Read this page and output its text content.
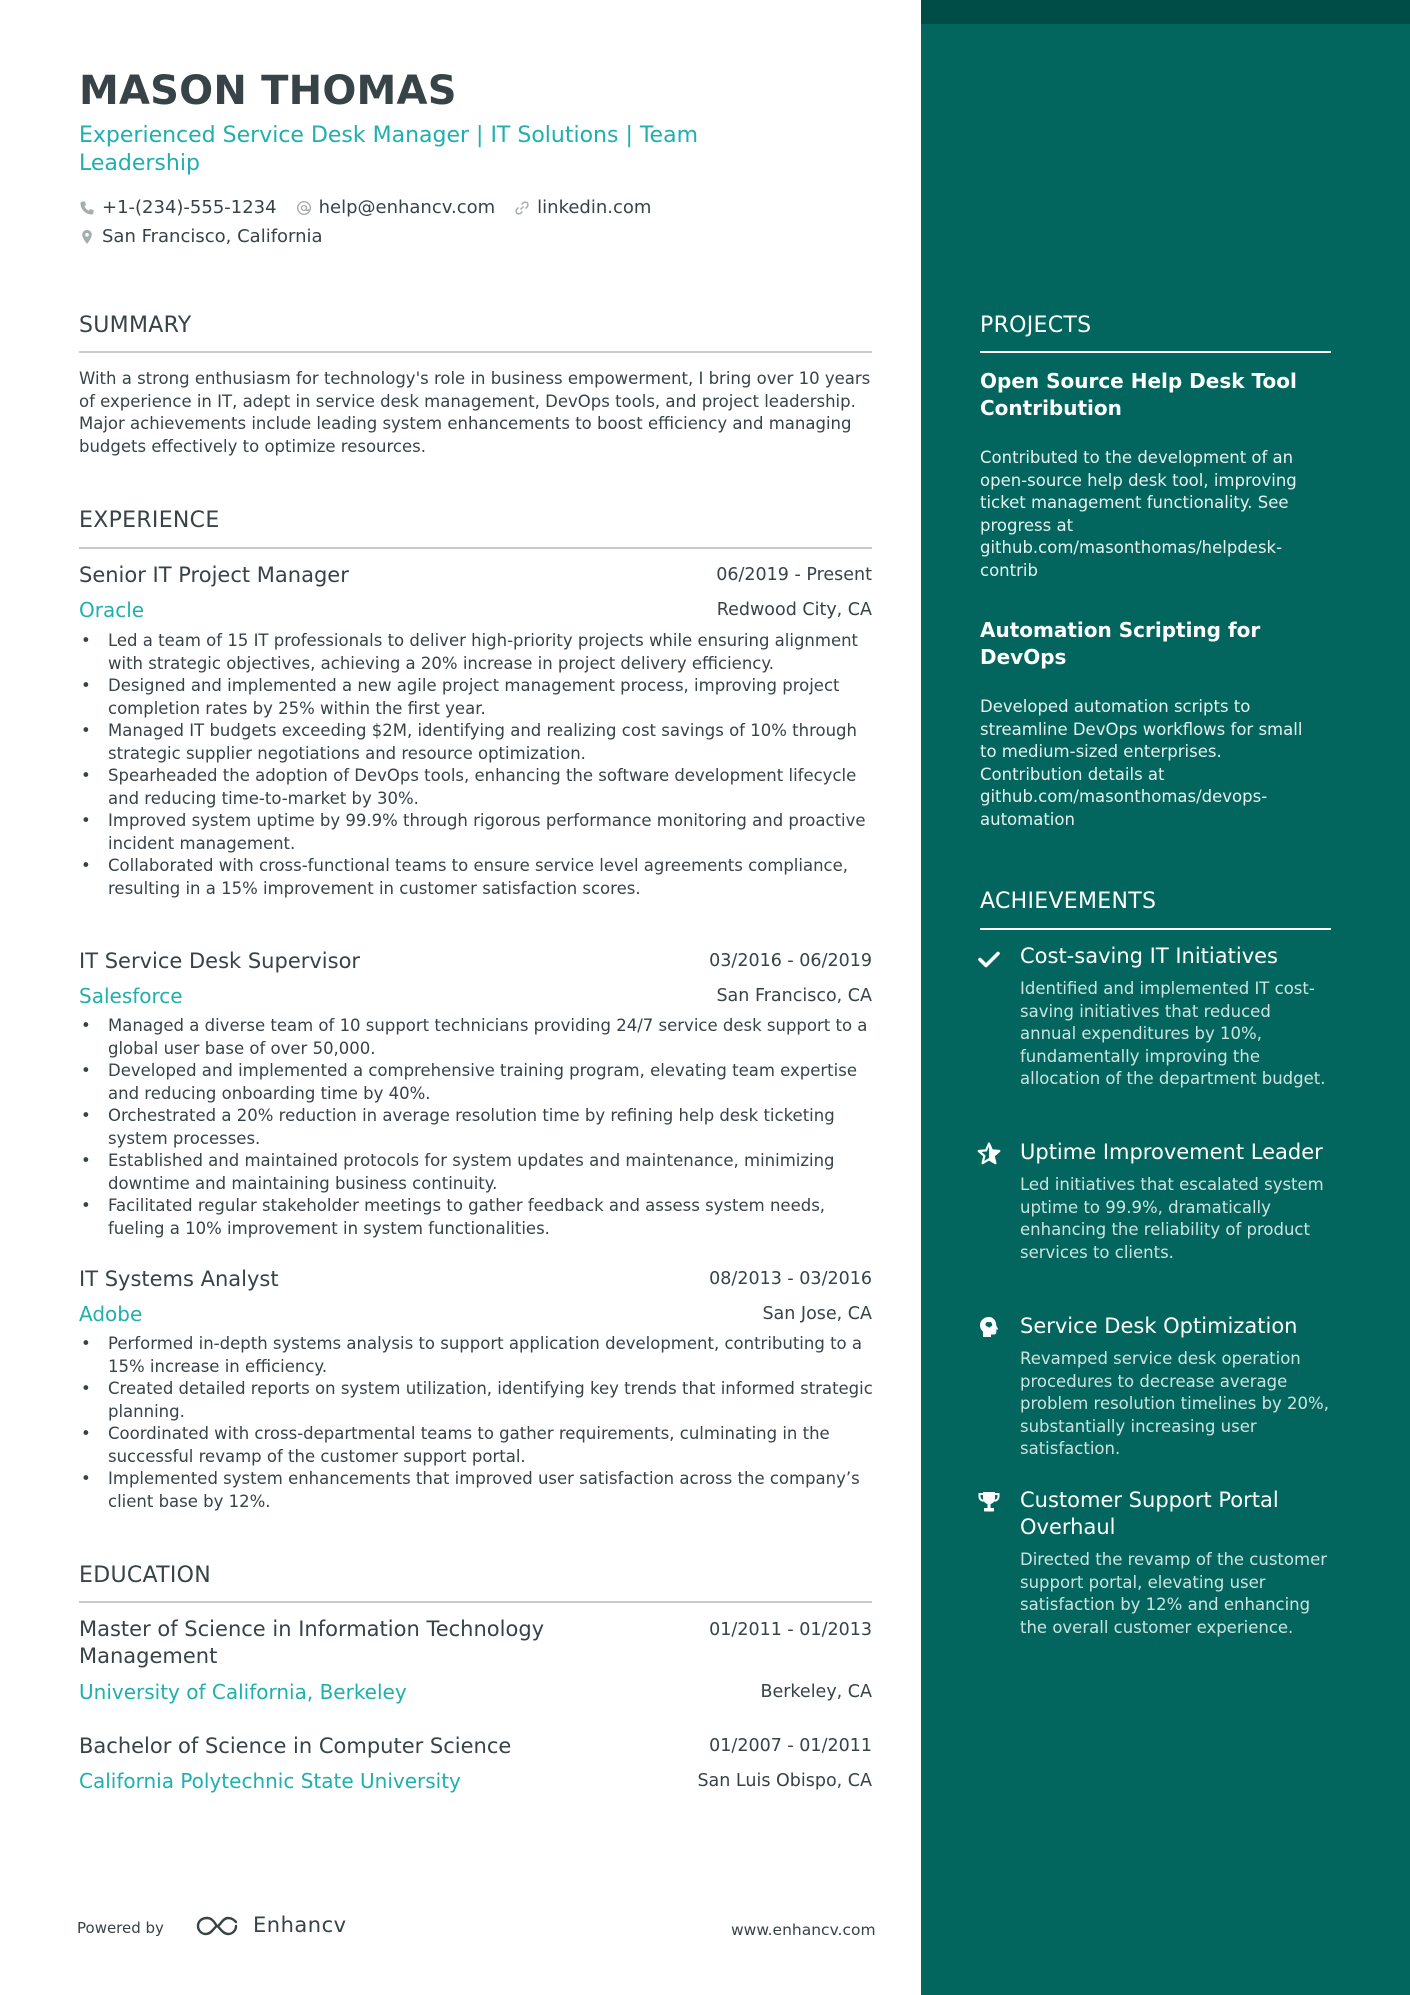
MASON THOMAS
Experienced Service Desk Manager | IT Solutions | Team Leadership
+1-(234)-555-1234 help@enhancv.com linkedin.com
San Francisco, California
SUMMARY
With a strong enthusiasm for technology's role in business empowerment, I bring over 10 years of experience in IT, adept in service desk management, DevOps tools, and project leadership. Major achievements include leading system enhancements to boost efficiency and managing budgets effectively to optimize resources.
EXPERIENCE
Senior IT Project Manager	06/2019 - Present
Oracle	Redwood City, CA
• Led a team of 15 IT professionals to deliver high-priority projects while ensuring alignment with strategic objectives, achieving a 20% increase in project delivery efficiency.
• Designed and implemented a new agile project management process, improving project completion rates by 25% within the first year.
• Managed IT budgets exceeding $2M, identifying and realizing cost savings of 10% through strategic supplier negotiations and resource optimization.
• Spearheaded the adoption of DevOps tools, enhancing the software development lifecycle and reducing time-to-market by 30%.
• Improved system uptime by 99.9% through rigorous performance monitoring and proactive incident management.
• Collaborated with cross-functional teams to ensure service level agreements compliance, resulting in a 15% improvement in customer satisfaction scores.
IT Service Desk Supervisor	03/2016 - 06/2019
Salesforce	San Francisco, CA
• Managed a diverse team of 10 support technicians providing 24/7 service desk support to a global user base of over 50,000.
• Developed and implemented a comprehensive training program, elevating team expertise and reducing onboarding time by 40%.
• Orchestrated a 20% reduction in average resolution time by refining help desk ticketing system processes.
• Established and maintained protocols for system updates and maintenance, minimizing downtime and maintaining business continuity.
• Facilitated regular stakeholder meetings to gather feedback and assess system needs, fueling a 10% improvement in system functionalities.
IT Systems Analyst	08/2013 - 03/2016
Adobe	San Jose, CA
• Performed in-depth systems analysis to support application development, contributing to a 15% increase in efficiency.
• Created detailed reports on system utilization, identifying key trends that informed strategic planning.
• Coordinated with cross-departmental teams to gather requirements, culminating in the successful revamp of the customer support portal.
• Implemented system enhancements that improved user satisfaction across the company’s client base by 12%.
EDUCATION
Master of Science in Information Technology Management
01/2011 - 01/2013
University of California, Berkeley	Berkeley, CA
Bachelor of Science in Computer Science	01/2007 - 01/2011
California Polytechnic State University	San Luis Obispo, CA
Powered by	Enhancv	www.enhancv.com
PROJECTS
Open Source Help Desk Tool Contribution
Contributed to the development of an open-source help desk tool, improving ticket management functionality. See progress at github.com/masonthomas/helpdesk-contrib
Automation Scripting for DevOps
Developed automation scripts to streamline DevOps workflows for small to medium-sized enterprises. Contribution details at github.com/masonthomas/devops-automation
ACHIEVEMENTS
Cost-saving IT Initiatives
Identified and implemented IT cost-saving initiatives that reduced annual expenditures by 10%, fundamentally improving the allocation of the department budget.
Uptime Improvement Leader
Led initiatives that escalated system uptime to 99.9%, dramatically enhancing the reliability of product services to clients.
Service Desk Optimization
Revamped service desk operation procedures to decrease average problem resolution timelines by 20%, substantially increasing user satisfaction.
Customer Support Portal Overhaul
Directed the revamp of the customer support portal, elevating user satisfaction by 12% and enhancing the overall customer experience.
